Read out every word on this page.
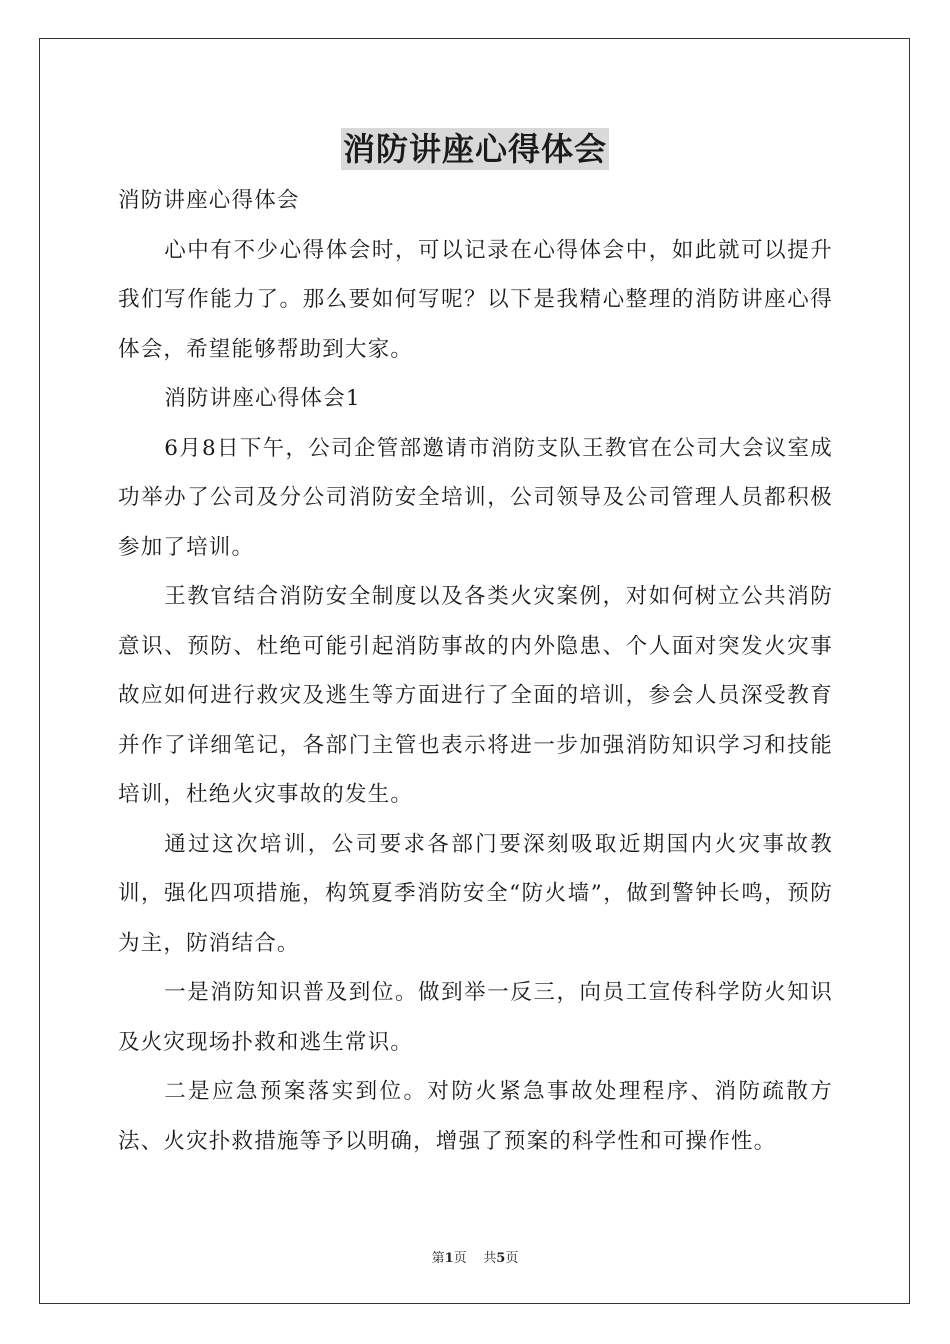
消防讲座心得体会

消防讲座心得体会

心中有不少心得体会时，可以记录在心得体会中，如此就可以提升我们写作能力了。那么要如何写呢？以下是我精心整理的消防讲座心得体会，希望能够帮助到大家。

消防讲座心得体会1

6月8日下午，公司企管部邀请市消防支队王教官在公司大会议室成功举办了公司及分公司消防安全培训，公司领导及公司管理人员都积极参加了培训。

王教官结合消防安全制度以及各类火灾案例，对如何树立公共消防意识、预防、杜绝可能引起消防事故的内外隐患、个人面对突发火灾事故应如何进行救灾及逃生等方面进行了全面的培训，参会人员深受教育并作了详细笔记，各部门主管也表示将进一步加强消防知识学习和技能培训，杜绝火灾事故的发生。

通过这次培训，公司要求各部门要深刻吸取近期国内火灾事故教训，强化四项措施，构筑夏季消防安全“防火墙”，做到警钟长鸣，预防为主，防消结合。

一是消防知识普及到位。做到举一反三，向员工宣传科学防火知识及火灾现场扑救和逃生常识。

二是应急预案落实到位。对防火紧急事故处理程序、消防疏散方法、火灾扑救措施等予以明确，增强了预案的科学性和可操作性。

第1页 共5页
